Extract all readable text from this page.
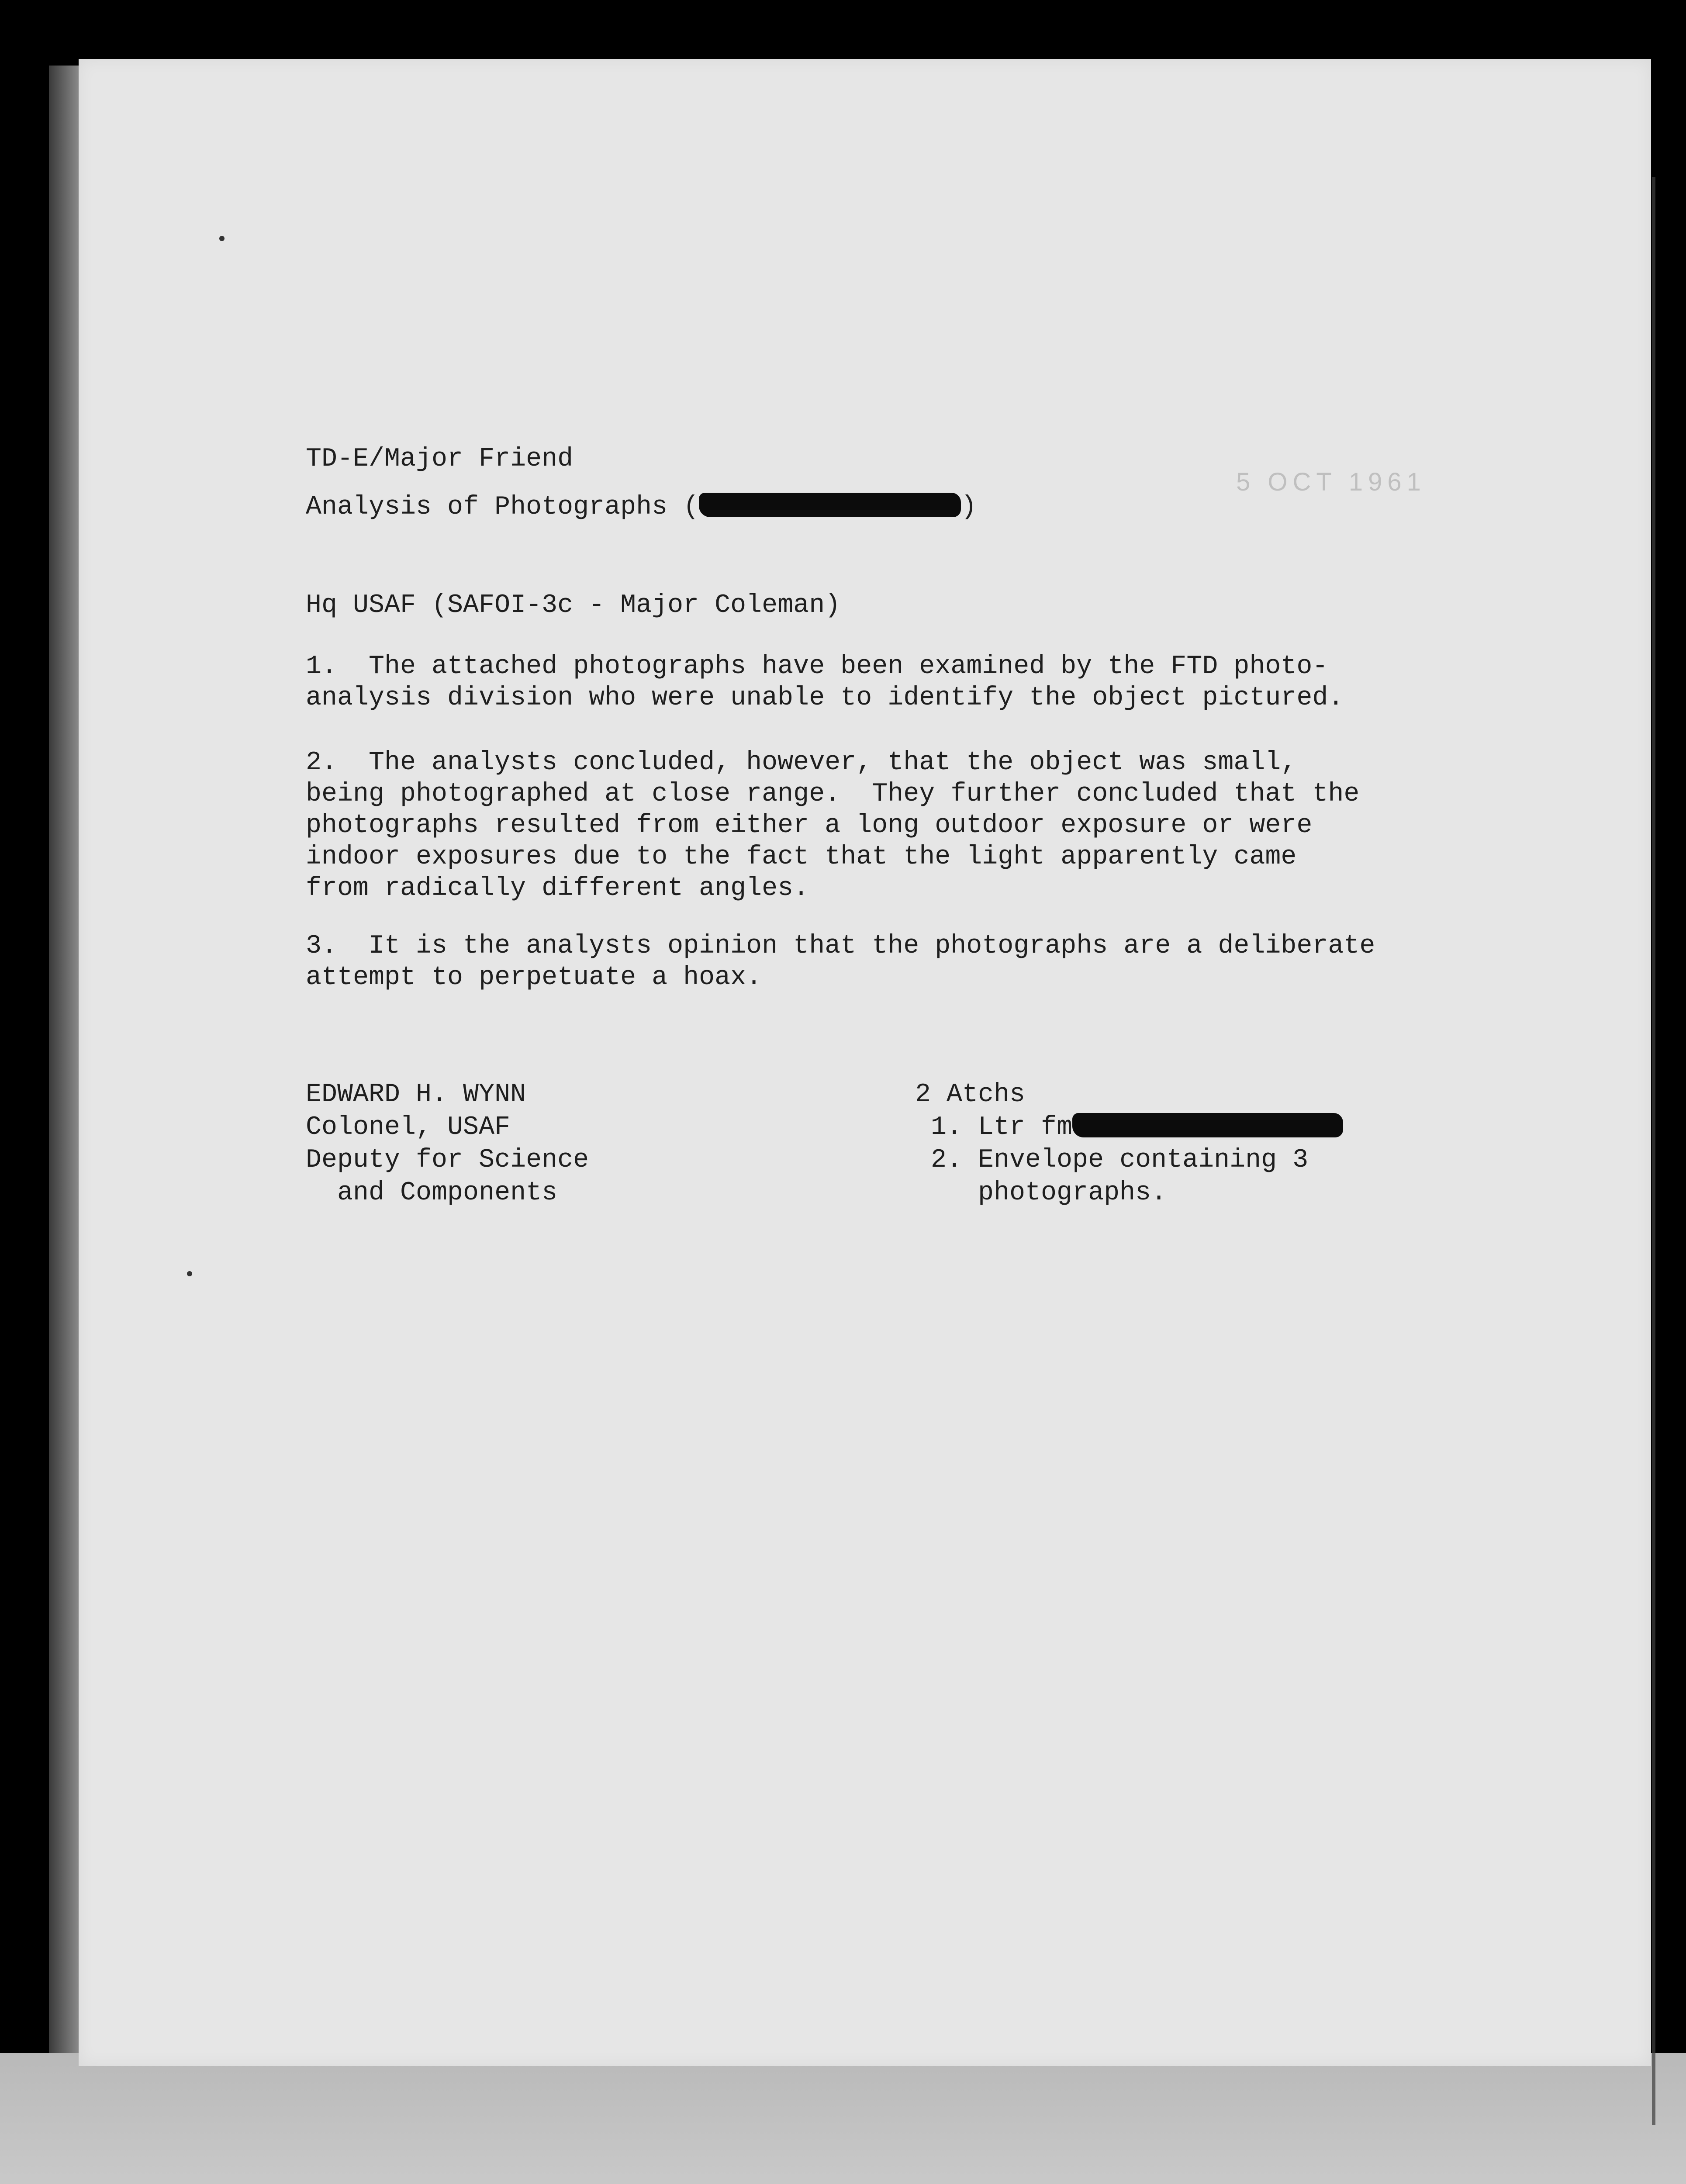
TD-E/Major Friend

Analysis of Photographs (	)

5 OCT 1961

Hq USAF (SAFOI-3c - Major Coleman)

1.  The attached photographs have been examined by the FTD photo-
analysis division who were unable to identify the object pictured.

2.  The analysts concluded, however, that the object was small,
being photographed at close range.  They further concluded that the
photographs resulted from either a long outdoor exposure or were
indoor exposures due to the fact that the light apparently came
from radically different angles.

3.  It is the analysts opinion that the photographs are a deliberate
attempt to perpetuate a hoax.

EDWARD H. WYNN

Colonel, USAF

Deputy for Science

and Components

2 Atchs

1. Ltr fm

2. Envelope containing 3

photographs.
